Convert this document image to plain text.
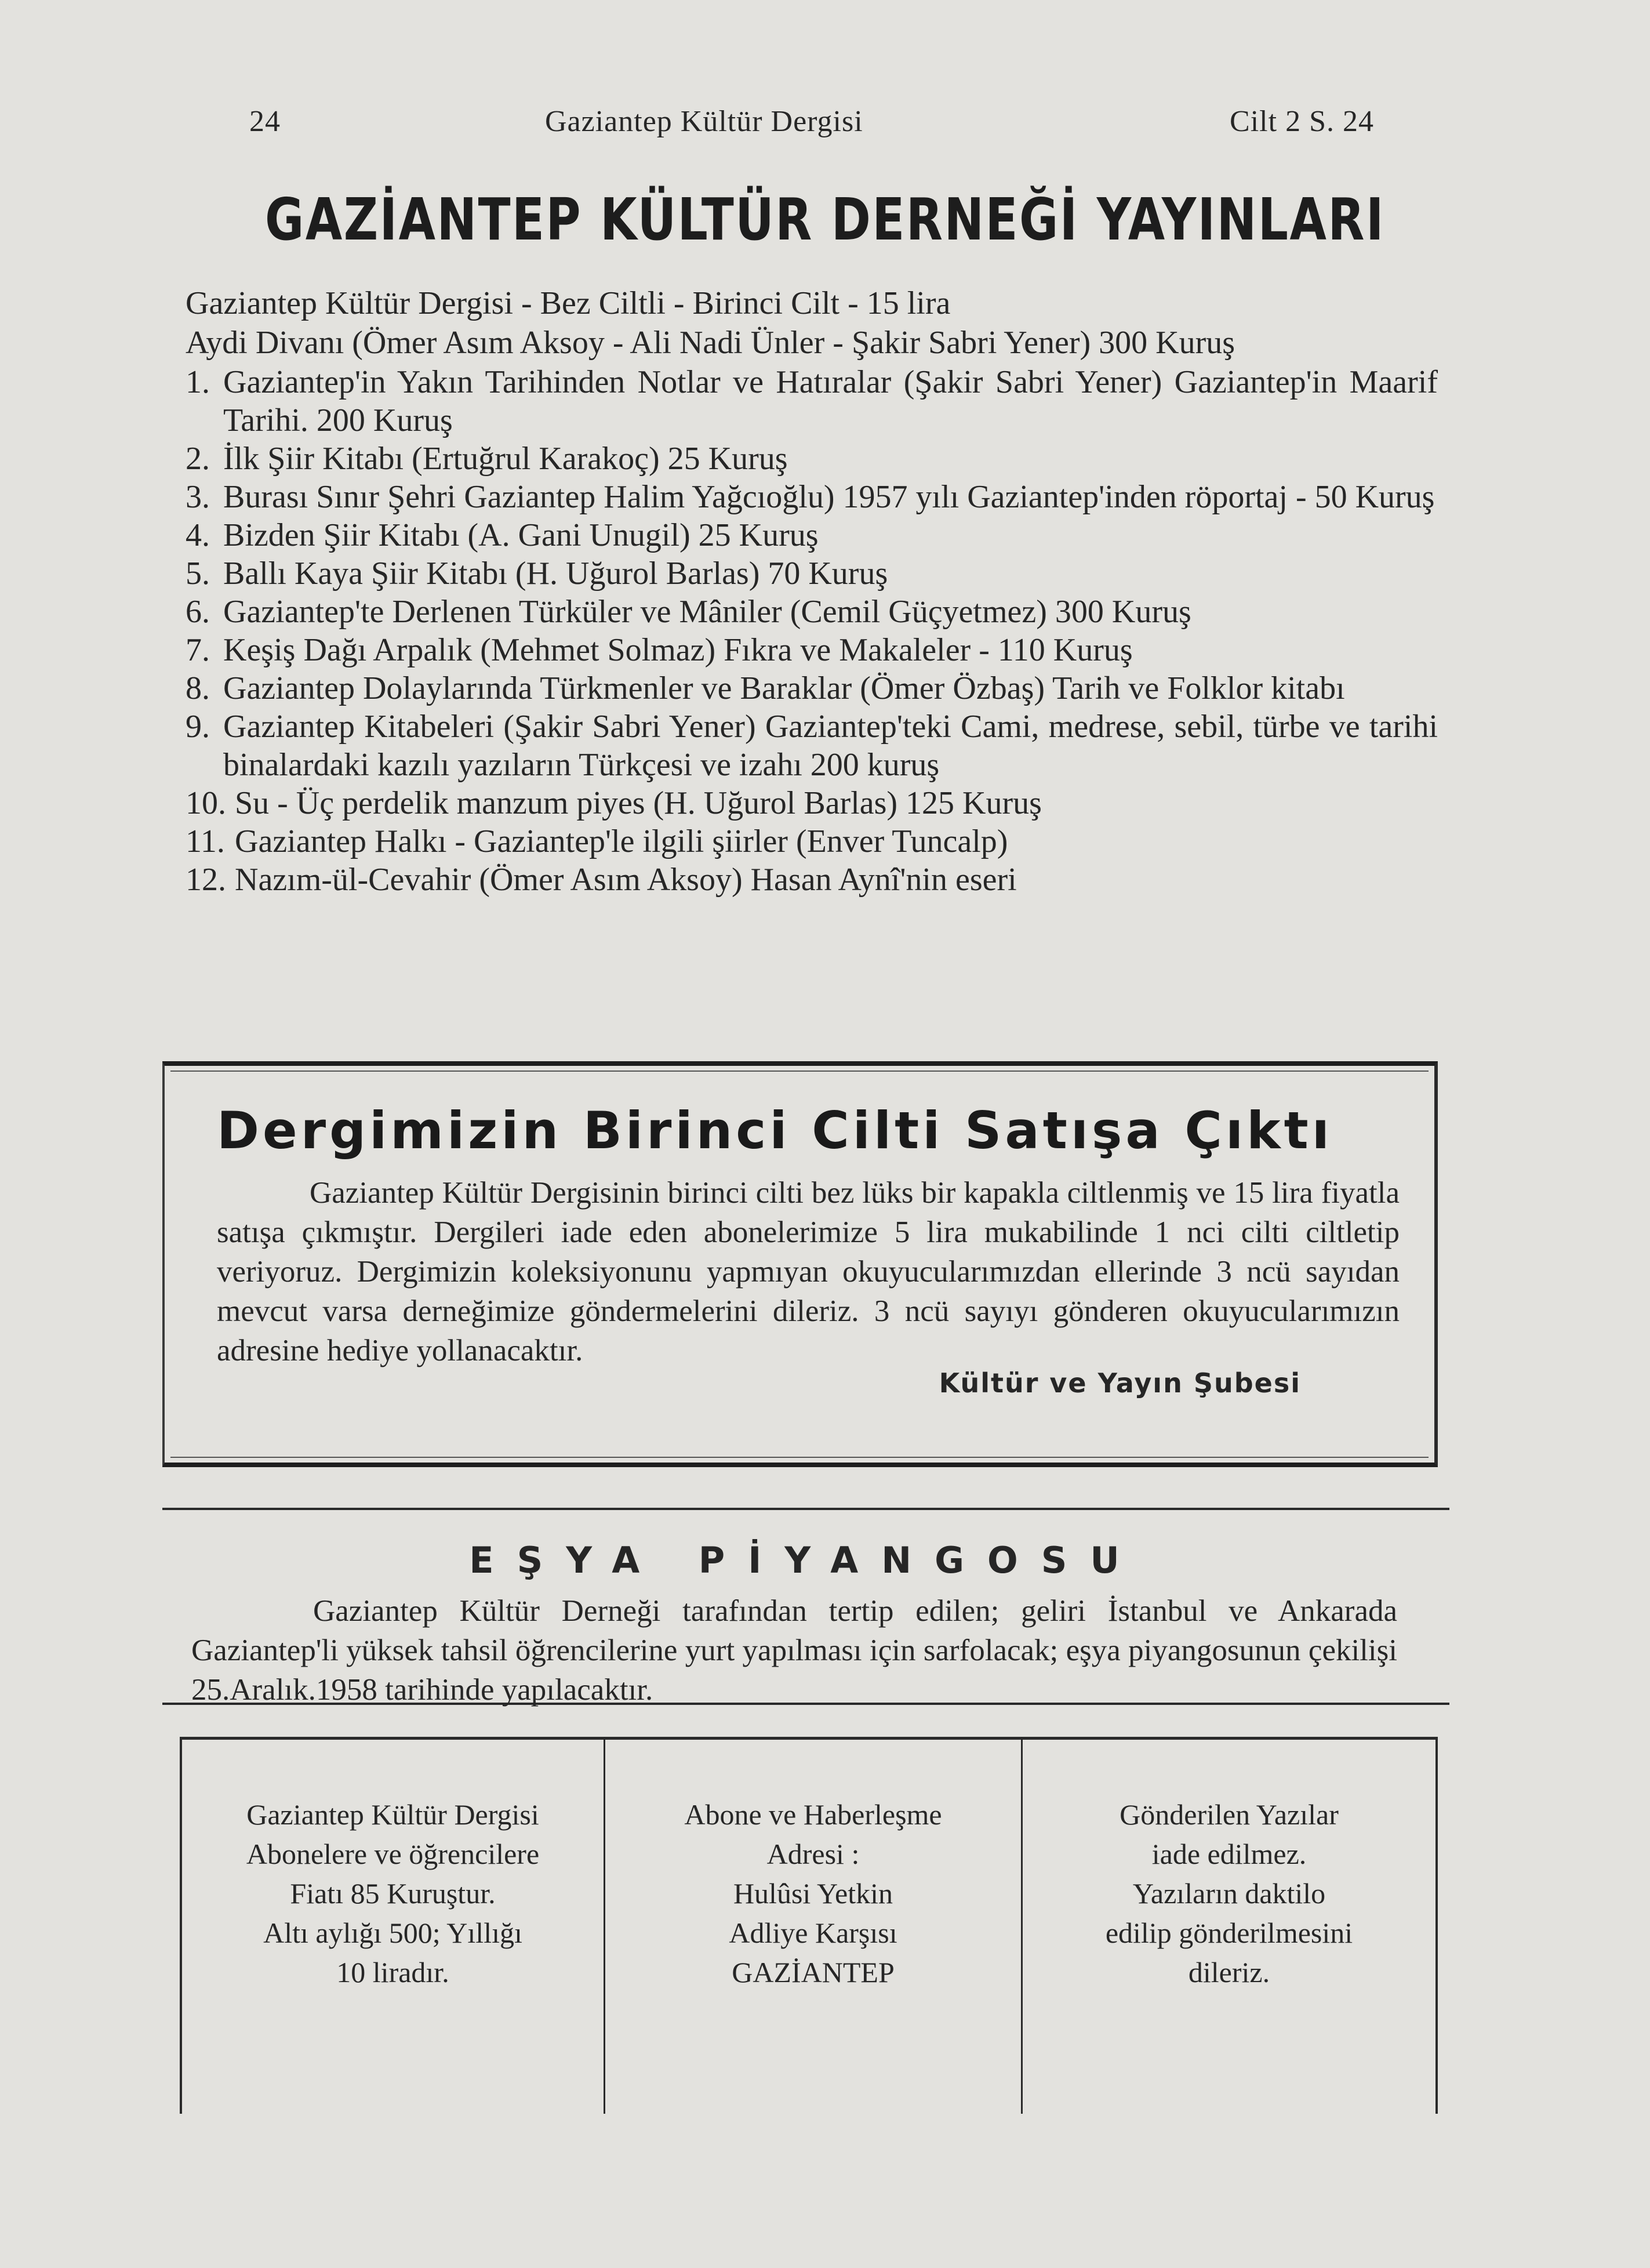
24	Gaziantep Kültür Dergisi	Cilt 2 S. 24
GAZİANTEP KÜLTÜR DERNEĞİ YAYINLARI

Gaziantep Kültür Dergisi - Bez Ciltli - Birinci Cilt - 15 lira

Aydi Divanı (Ömer Asım Aksoy - Ali Nadi Ünler - Şakir Sabri Yener) 300 Kuruş

1. Gaziantep'in Yakın Tarihinden Notlar ve Hatıralar (Şakir Sabri Yener) Gaziantep'in Maarif Tarihi. 200 Kuruş
2. İlk Şiir Kitabı (Ertuğrul Karakoç) 25 Kuruş
3. Burası Sınır Şehri Gaziantep Halim Yağcıoğlu) 1957 yılı Gaziantep'inden röportaj - 50 Kuruş
4. Bizden Şiir Kitabı (A. Gani Unugil) 25 Kuruş
5. Ballı Kaya Şiir Kitabı (H. Uğurol Barlas) 70 Kuruş
6. Gaziantep'te Derlenen Türküler ve Mâniler (Cemil Güçyetmez) 300 Kuruş
7. Keşiş Dağı Arpalık (Mehmet Solmaz) Fıkra ve Makaleler - 110 Kuruş
8. Gaziantep Dolaylarında Türkmenler ve Baraklar (Ömer Özbaş) Tarih ve Folklor kitabı
9. Gaziantep Kitabeleri (Şakir Sabri Yener) Gaziantep'teki Cami, medrese, sebil, türbe ve tarihi binalardaki kazılı yazıların Türkçesi ve izahı 200 kuruş
10. Su - Üç perdelik manzum piyes (H. Uğurol Barlas) 125 Kuruş
11. Gaziantep Halkı - Gaziantep'le ilgili şiirler (Enver Tuncalp)
12. Nazım-ül-Cevahir (Ömer Asım Aksoy) Hasan Aynî'nin eseri
Dergimizin Birinci Cilti Satışa Çıktı
Gaziantep Kültür Dergisinin birinci cilti bez lüks bir kapakla ciltlenmiş ve 15 lira fiyatla satışa çıkmıştır. Dergileri iade eden abonelerimize 5 lira mukabilinde 1 nci cilti ciltletip veriyoruz. Dergimizin koleksiyonunu yapmıyan okuyucularımızdan ellerinde 3 ncü sayıdan mevcut varsa derneğimize göndermelerini dileriz. 3 ncü sayıyı gönderen okuyucularımızın adresine hediye yollanacaktır.
Kültür ve Yayın Şubesi
EŞYA PİYANGOSU
Gaziantep Kültür Derneği tarafından tertip edilen; geliri İstanbul ve Ankarada Gaziantep'li yüksek tahsil öğrencilerine yurt yapılması için sarfolacak; eşya piyangosunun çekilişi 25.Aralık.1958 tarihinde yapılacaktır.
Gaziantep Kültür Dergisi
Abonelere ve öğrencilere
Fiatı 85 Kuruştur.
Altı aylığı 500; Yıllığı
10 liradır.
Abone ve Haberleşme
Adresi :
Hulûsi Yetkin
Adliye Karşısı
GAZİANTEP
Gönderilen Yazılar
iade edilmez.
Yazıların daktilo
edilip gönderilmesini
dileriz.
